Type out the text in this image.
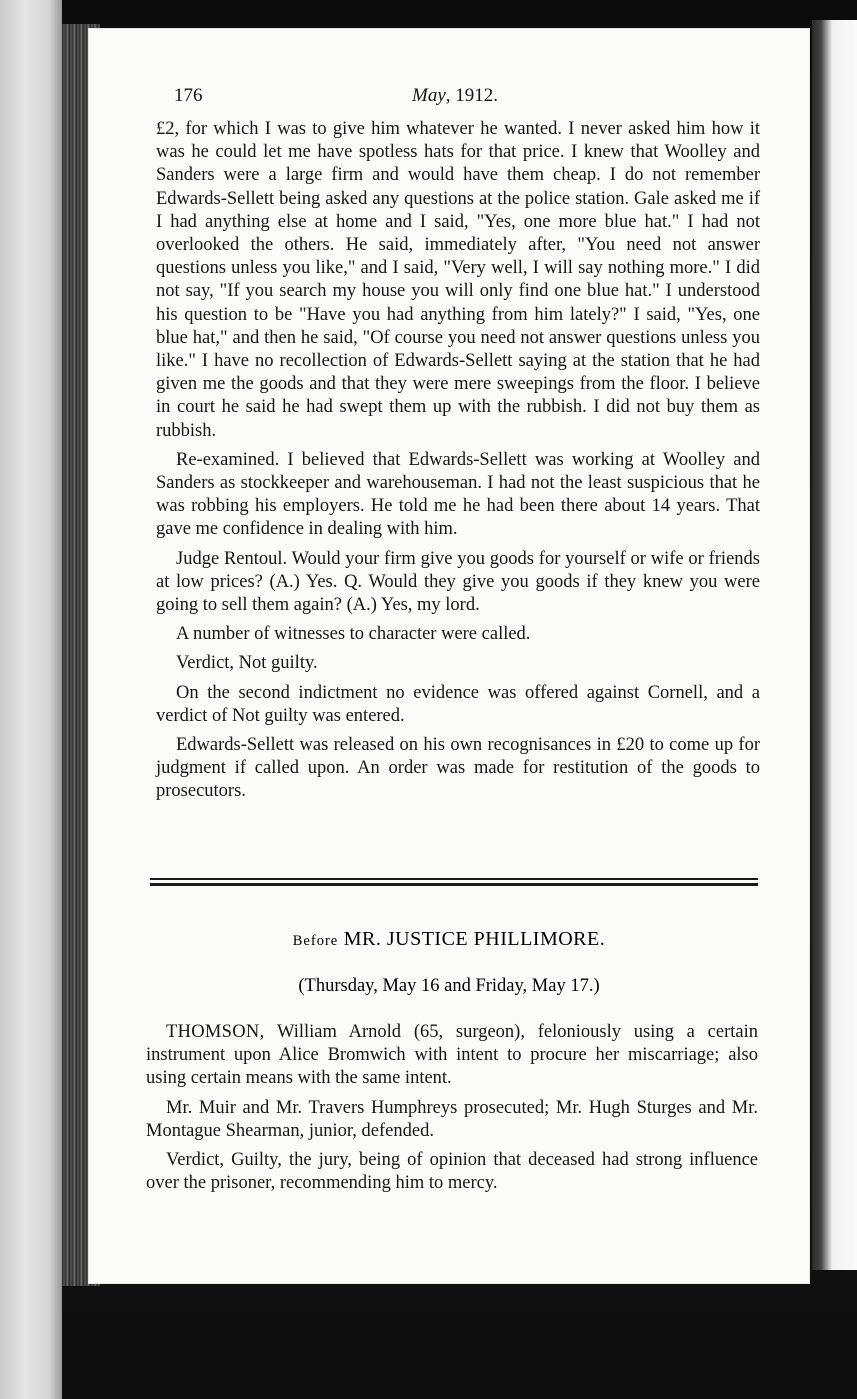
176	May, 1912.

£2, for which I was to give him whatever he wanted. I never asked him how it was he could let me have spotless hats for that price. I knew that Woolley and Sanders were a large firm and would have them cheap. I do not remember Edwards-Sellett being asked any questions at the police station. Gale asked me if I had anything else at home and I said, "Yes, one more blue hat." I had not overlooked the others. He said, immediately after, "You need not answer questions unless you like," and I said, "Very well, I will say nothing more." I did not say, "If you search my house you will only find one blue hat." I understood his question to be "Have you had anything from him lately?" I said, "Yes, one blue hat," and then he said, "Of course you need not answer questions unless you like." I have no recollection of Edwards-Sellett saying at the station that he had given me the goods and that they were mere sweepings from the floor. I believe in court he said he had swept them up with the rubbish. I did not buy them as rubbish.

Re-examined. I believed that Edwards-Sellett was working at Woolley and Sanders as stockkeeper and warehouseman. I had not the least suspicious that he was robbing his employers. He told me he had been there about 14 years. That gave me confidence in dealing with him.

Judge Rentoul. Would your firm give you goods for yourself or wife or friends at low prices? (A.) Yes. Q. Would they give you goods if they knew you were going to sell them again? (A.) Yes, my lord.

A number of witnesses to character were called.

Verdict, Not guilty.

On the second indictment no evidence was offered against Cornell, and a verdict of Not guilty was entered.

Edwards-Sellett was released on his own recognisances in £20 to come up for judgment if called upon. An order was made for restitution of the goods to prosecutors.

Before MR. JUSTICE PHILLIMORE.
(Thursday, May 16 and Friday, May 17.)

THOMSON, William Arnold (65, surgeon), feloniously using a certain instrument upon Alice Bromwich with intent to procure her miscarriage; also using certain means with the same intent.

Mr. Muir and Mr. Travers Humphreys prosecuted; Mr. Hugh Sturges and Mr. Montague Shearman, junior, defended.

Verdict, Guilty, the jury, being of opinion that deceased had strong influence over the prisoner, recommending him to mercy.
